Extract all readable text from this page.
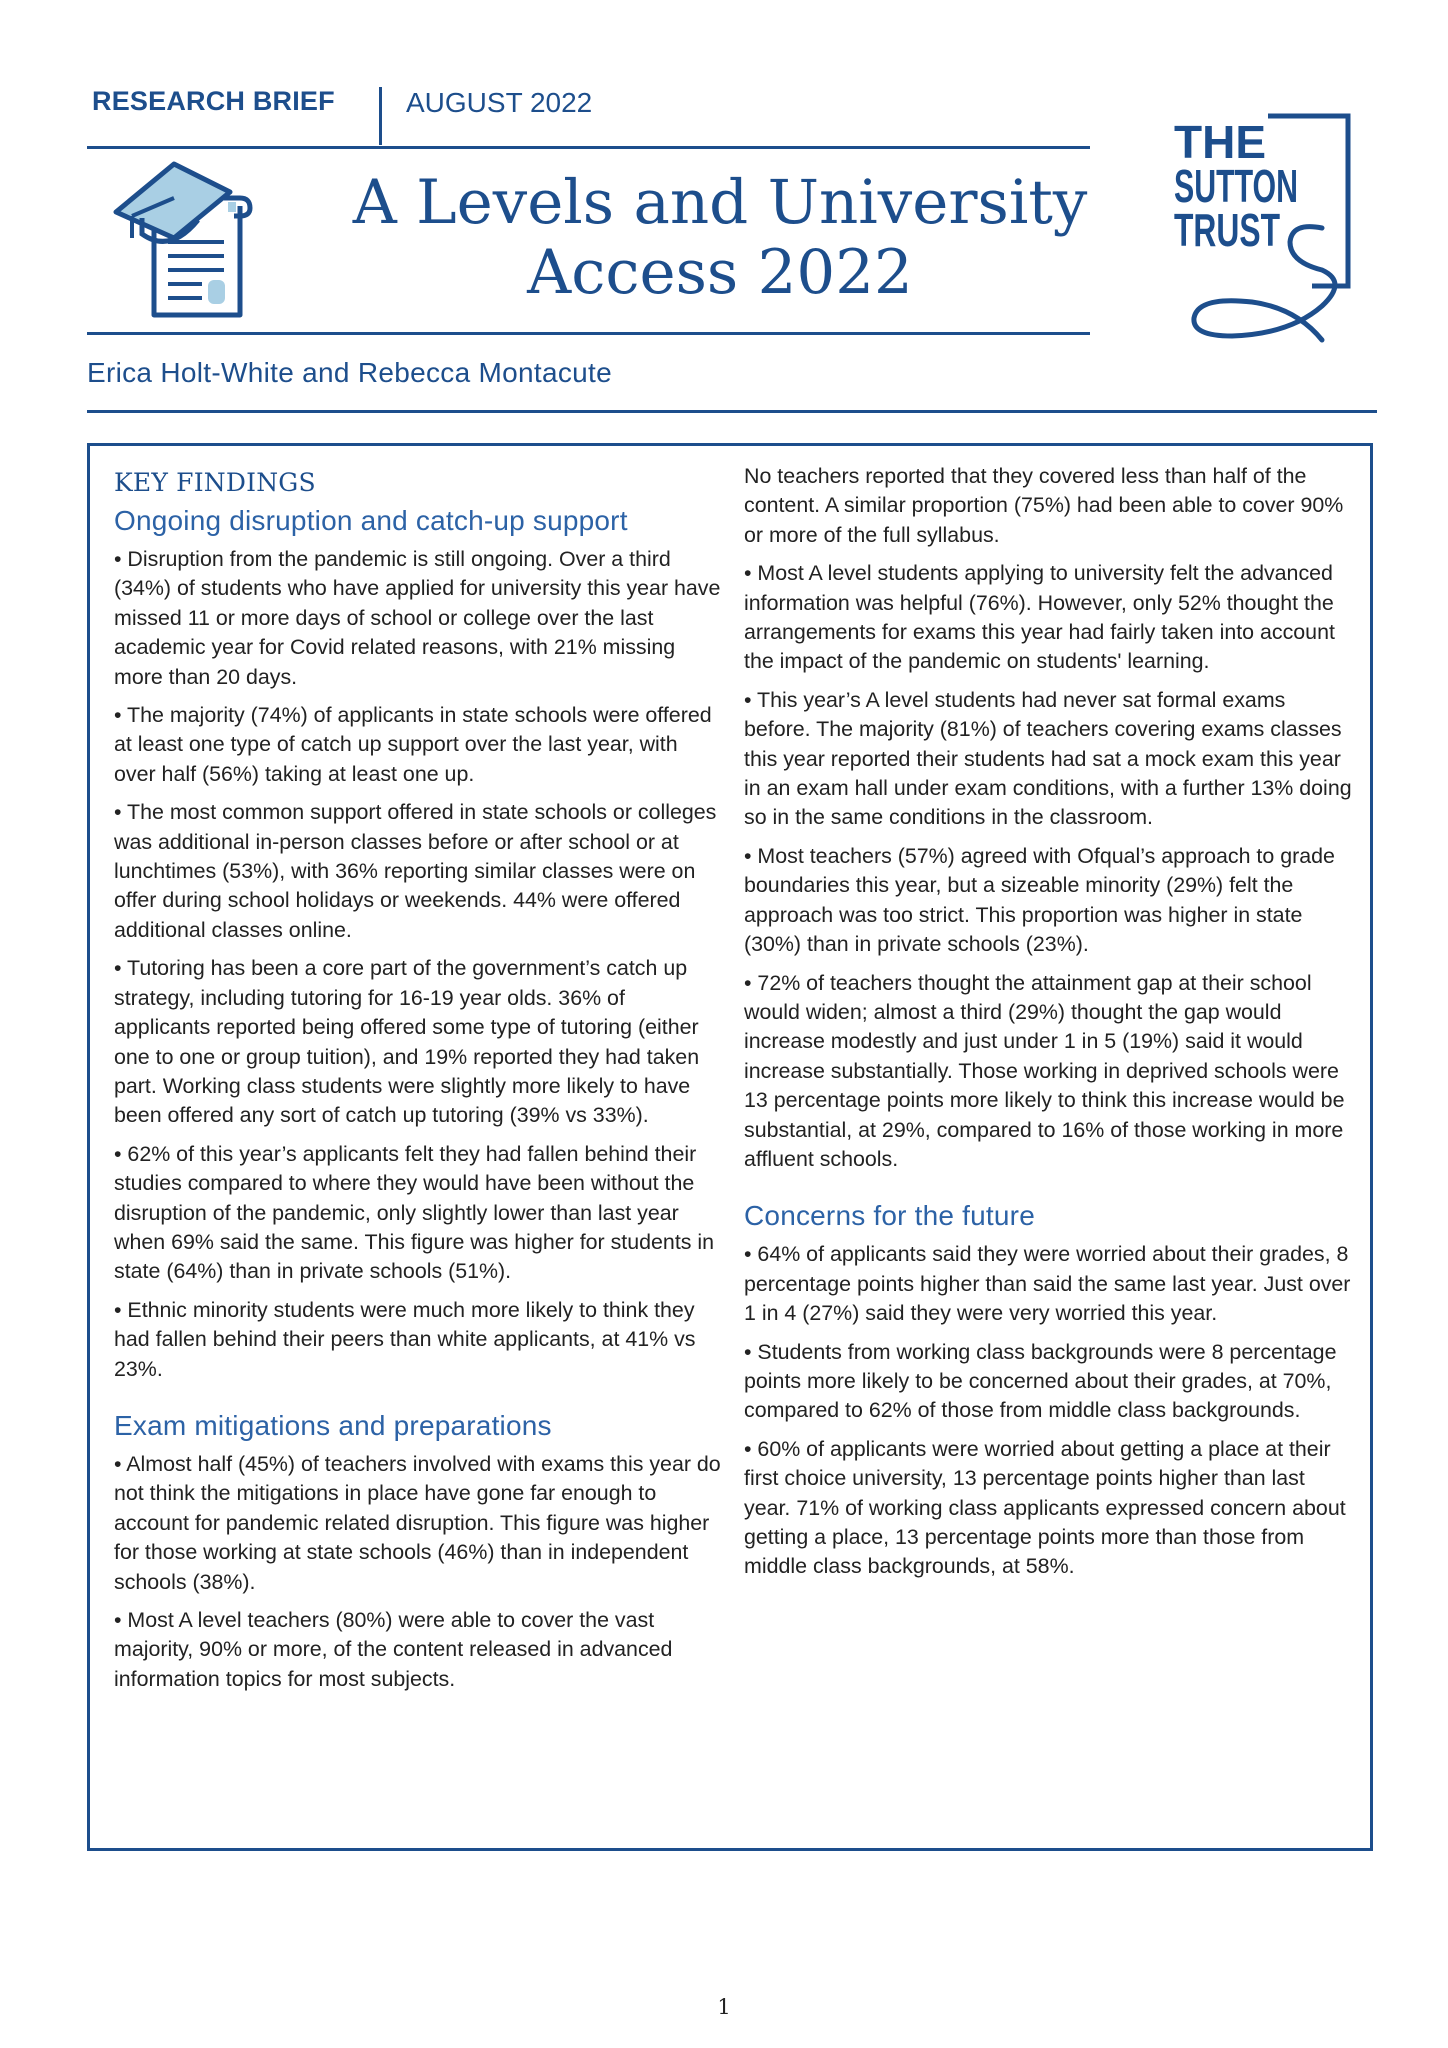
RESEARCH BRIEF	AUGUST 2022
A Levels and University
Access 2022
THE
SUTTON
TRUST
Erica Holt-White and Rebecca Montacute
KEY FINDINGS
Ongoing disruption and catch-up support

• Disruption from the pandemic is still ongoing. Over a third (34%) of students who have applied for university this year have missed 11 or more days of school or college over the last academic year for Covid related reasons, with 21% missing more than 20 days.

• The majority (74%) of applicants in state schools were offered at least one type of catch up support over the last year, with over half (56%) taking at least one up.

• The most common support offered in state schools or colleges was additional in-person classes before or after school or at lunchtimes (53%), with 36% reporting similar classes were on offer during school holidays or weekends. 44% were offered additional classes online.

• Tutoring has been a core part of the government’s catch up strategy, including tutoring for 16-19 year olds. 36% of applicants reported being offered some type of tutoring (either one to one or group tuition), and 19% reported they had taken part. Working class students were slightly more likely to have been offered any sort of catch up tutoring (39% vs 33%).

• 62% of this year’s applicants felt they had fallen behind their studies compared to where they would have been without the disruption of the pandemic, only slightly lower than last year when 69% said the same. This figure was higher for students in state (64%) than in private schools (51%).

• Ethnic minority students were much more likely to think they had fallen behind their peers than white applicants, at 41% vs 23%.

Exam mitigations and preparations

• Almost half (45%) of teachers involved with exams this year do not think the mitigations in place have gone far enough to account for pandemic related disruption. This figure was higher for those working at state schools (46%) than in independent schools (38%).

• Most A level teachers (80%) were able to cover the vast majority, 90% or more, of the content released in advanced information topics for most subjects.

No teachers reported that they covered less than half of the content. A similar proportion (75%) had been able to cover 90% or more of the full syllabus.

• Most A level students applying to university felt the advanced information was helpful (76%). However, only 52% thought the arrangements for exams this year had fairly taken into account the impact of the pandemic on students' learning.

• This year’s A level students had never sat formal exams before. The majority (81%) of teachers covering exams classes this year reported their students had sat a mock exam this year in an exam hall under exam conditions, with a further 13% doing so in the same conditions in the classroom.

• Most teachers (57%) agreed with Ofqual’s approach to grade boundaries this year, but a sizeable minority (29%) felt the approach was too strict. This proportion was higher in state (30%) than in private schools (23%).

• 72% of teachers thought the attainment gap at their school would widen; almost a third (29%) thought the gap would increase modestly and just under 1 in 5 (19%) said it would increase substantially. Those working in deprived schools were 13 percentage points more likely to think this increase would be substantial, at 29%, compared to 16% of those working in more affluent schools.

Concerns for the future

• 64% of applicants said they were worried about their grades, 8 percentage points higher than said the same last year. Just over 1 in 4 (27%) said they were very worried this year.

• Students from working class backgrounds were 8 percentage points more likely to be concerned about their grades, at 70%, compared to 62% of those from middle class backgrounds.

• 60% of applicants were worried about getting a place at their first choice university, 13 percentage points higher than last year. 71% of working class applicants expressed concern about getting a place, 13 percentage points more than those from middle class backgrounds, at 58%.

1
